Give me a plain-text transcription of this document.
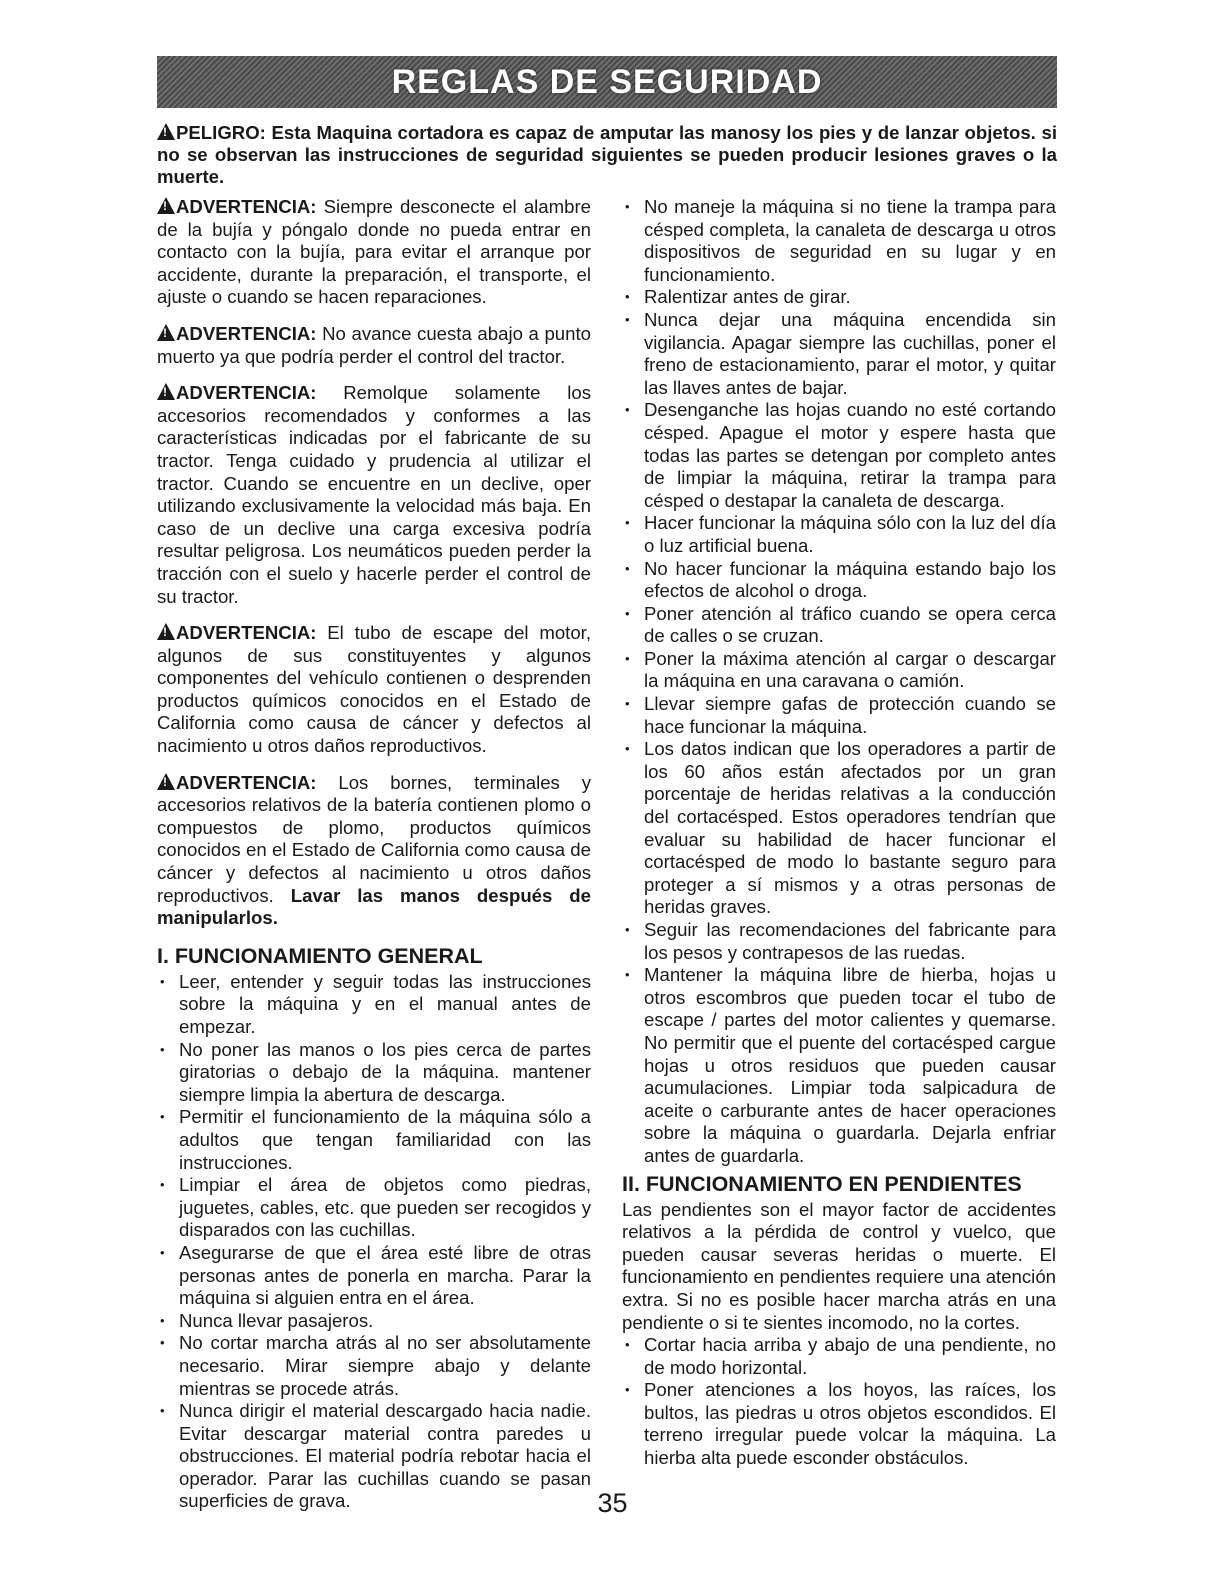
REGLAS DE SEGURIDAD
!PELIGRO: Esta Maquina cortadora es capaz de amputar las manosy los pies y de lanzar objetos. si no se observan las instrucciones de seguridad siguientes se pueden producir lesiones graves o la muerte.

!ADVERTENCIA: Siempre desconecte el alambre de la bujía y póngalo donde no pueda entrar en contacto con la bujía, para evitar el arranque por accidente, durante la preparación, el transporte, el ajuste o cuando se hacen reparaciones.

!ADVERTENCIA: No avance cuesta abajo a punto muerto ya que podría perder el control del tractor.

!ADVERTENCIA: Remolque solamente los accesorios recomendados y conformes a las características indicadas por el fabricante de su tractor. Tenga cuidado y prudencia al utilizar el tractor. Cuando se encuentre en un declive, oper utilizando exclusivamente la velocidad más baja. En caso de un declive una carga excesiva podría resultar peligrosa. Los neumáticos pueden perder la tracción con el suelo y hacerle perder el control de su tractor.

!ADVERTENCIA: El tubo de escape del motor, algunos de sus constituyentes y algunos componentes del vehículo contienen o desprenden productos químicos conocidos en el Estado de California como causa de cáncer y defectos al nacimiento u otros daños reproductivos.

!ADVERTENCIA: Los bornes, terminales y accesorios relativos de la batería contienen plomo o compuestos de plomo, productos químicos conocidos en el Estado de California como causa de cáncer y defectos al nacimiento u otros daños reproductivos. Lavar las manos después de manipularlos.

I. FUNCIONAMIENTO GENERAL
• Leer, entender y seguir todas las instrucciones sobre la máquina y en el manual antes de empezar.
• No poner las manos o los pies cerca de partes giratorias o debajo de la máquina. mantener siempre limpia la abertura de descarga.
• Permitir el funcionamiento de la máquina sólo a adultos que tengan familiaridad con las instrucciones.
• Limpiar el área de objetos como piedras, juguetes, cables, etc. que pueden ser recogidos y disparados con las cuchillas.
• Asegurarse de que el área esté libre de otras personas antes de ponerla en marcha. Parar la máquina si alguien entra en el área.
• Nunca llevar pasajeros.
• No cortar marcha atrás al no ser absolutamente necesario. Mirar siempre abajo y delante mientras se procede atrás.
• Nunca dirigir el material descargado hacia nadie. Evitar descargar material contra paredes u obstrucciones. El material podría rebotar hacia el operador. Parar las cuchillas cuando se pasan superficies de grava.
• No maneje la máquina si no tiene la trampa para césped completa, la canaleta de descarga u otros dispositivos de seguridad en su lugar y en funcionamiento.
• Ralentizar antes de girar.
• Nunca dejar una máquina encendida sin vigilancia. Apagar siempre las cuchillas, poner el freno de estacionamiento, parar el motor, y quitar las llaves antes de bajar.
• Desenganche las hojas cuando no esté cortando césped. Apague el motor y espere hasta que todas las partes se detengan por completo antes de limpiar la máquina, retirar la trampa para césped o destapar la canaleta de descarga.
• Hacer funcionar la máquina sólo con la luz del día o luz artificial buena.
• No hacer funcionar la máquina estando bajo los efectos de alcohol o droga.
• Poner atención al tráfico cuando se opera cerca de calles o se cruzan.
• Poner la máxima atención al cargar o descargar la máquina en una caravana o camión.
• Llevar siempre gafas de protección cuando se hace funcionar la máquina.
• Los datos indican que los operadores a partir de los 60 años están afectados por un gran porcentaje de heridas relativas a la conducción del cortacésped. Estos operadores tendrían que evaluar su habilidad de hacer funcionar el cortacésped de modo lo bastante seguro para proteger a sí mismos y a otras personas de heridas graves.
• Seguir las recomendaciones del fabricante para los pesos y contrapesos de las ruedas.
• Mantener la máquina libre de hierba, hojas u otros escombros que pueden tocar el tubo de escape / partes del motor calientes y quemarse. No permitir que el puente del cortacésped cargue hojas u otros residuos que pueden causar acumulaciones. Limpiar toda salpicadura de aceite o carburante antes de hacer operaciones sobre la máquina o guardarla. Dejarla enfriar antes de guardarla.
II. FUNCIONAMIENTO EN PENDIENTES

Las pendientes son el mayor factor de accidentes relativos a la pérdida de control y vuelco, que pueden causar severas heridas o muerte. El funcionamiento en pendientes requiere una atención extra. Si no es posible hacer marcha atrás en una pendiente o si te sientes incomodo, no la cortes.

• Cortar hacia arriba y abajo de una pendiente, no de modo horizontal.
• Poner atenciones a los hoyos, las raíces, los bultos, las piedras u otros objetos escondidos. El terreno irregular puede volcar la máquina. La hierba alta puede esconder obstáculos.
35
